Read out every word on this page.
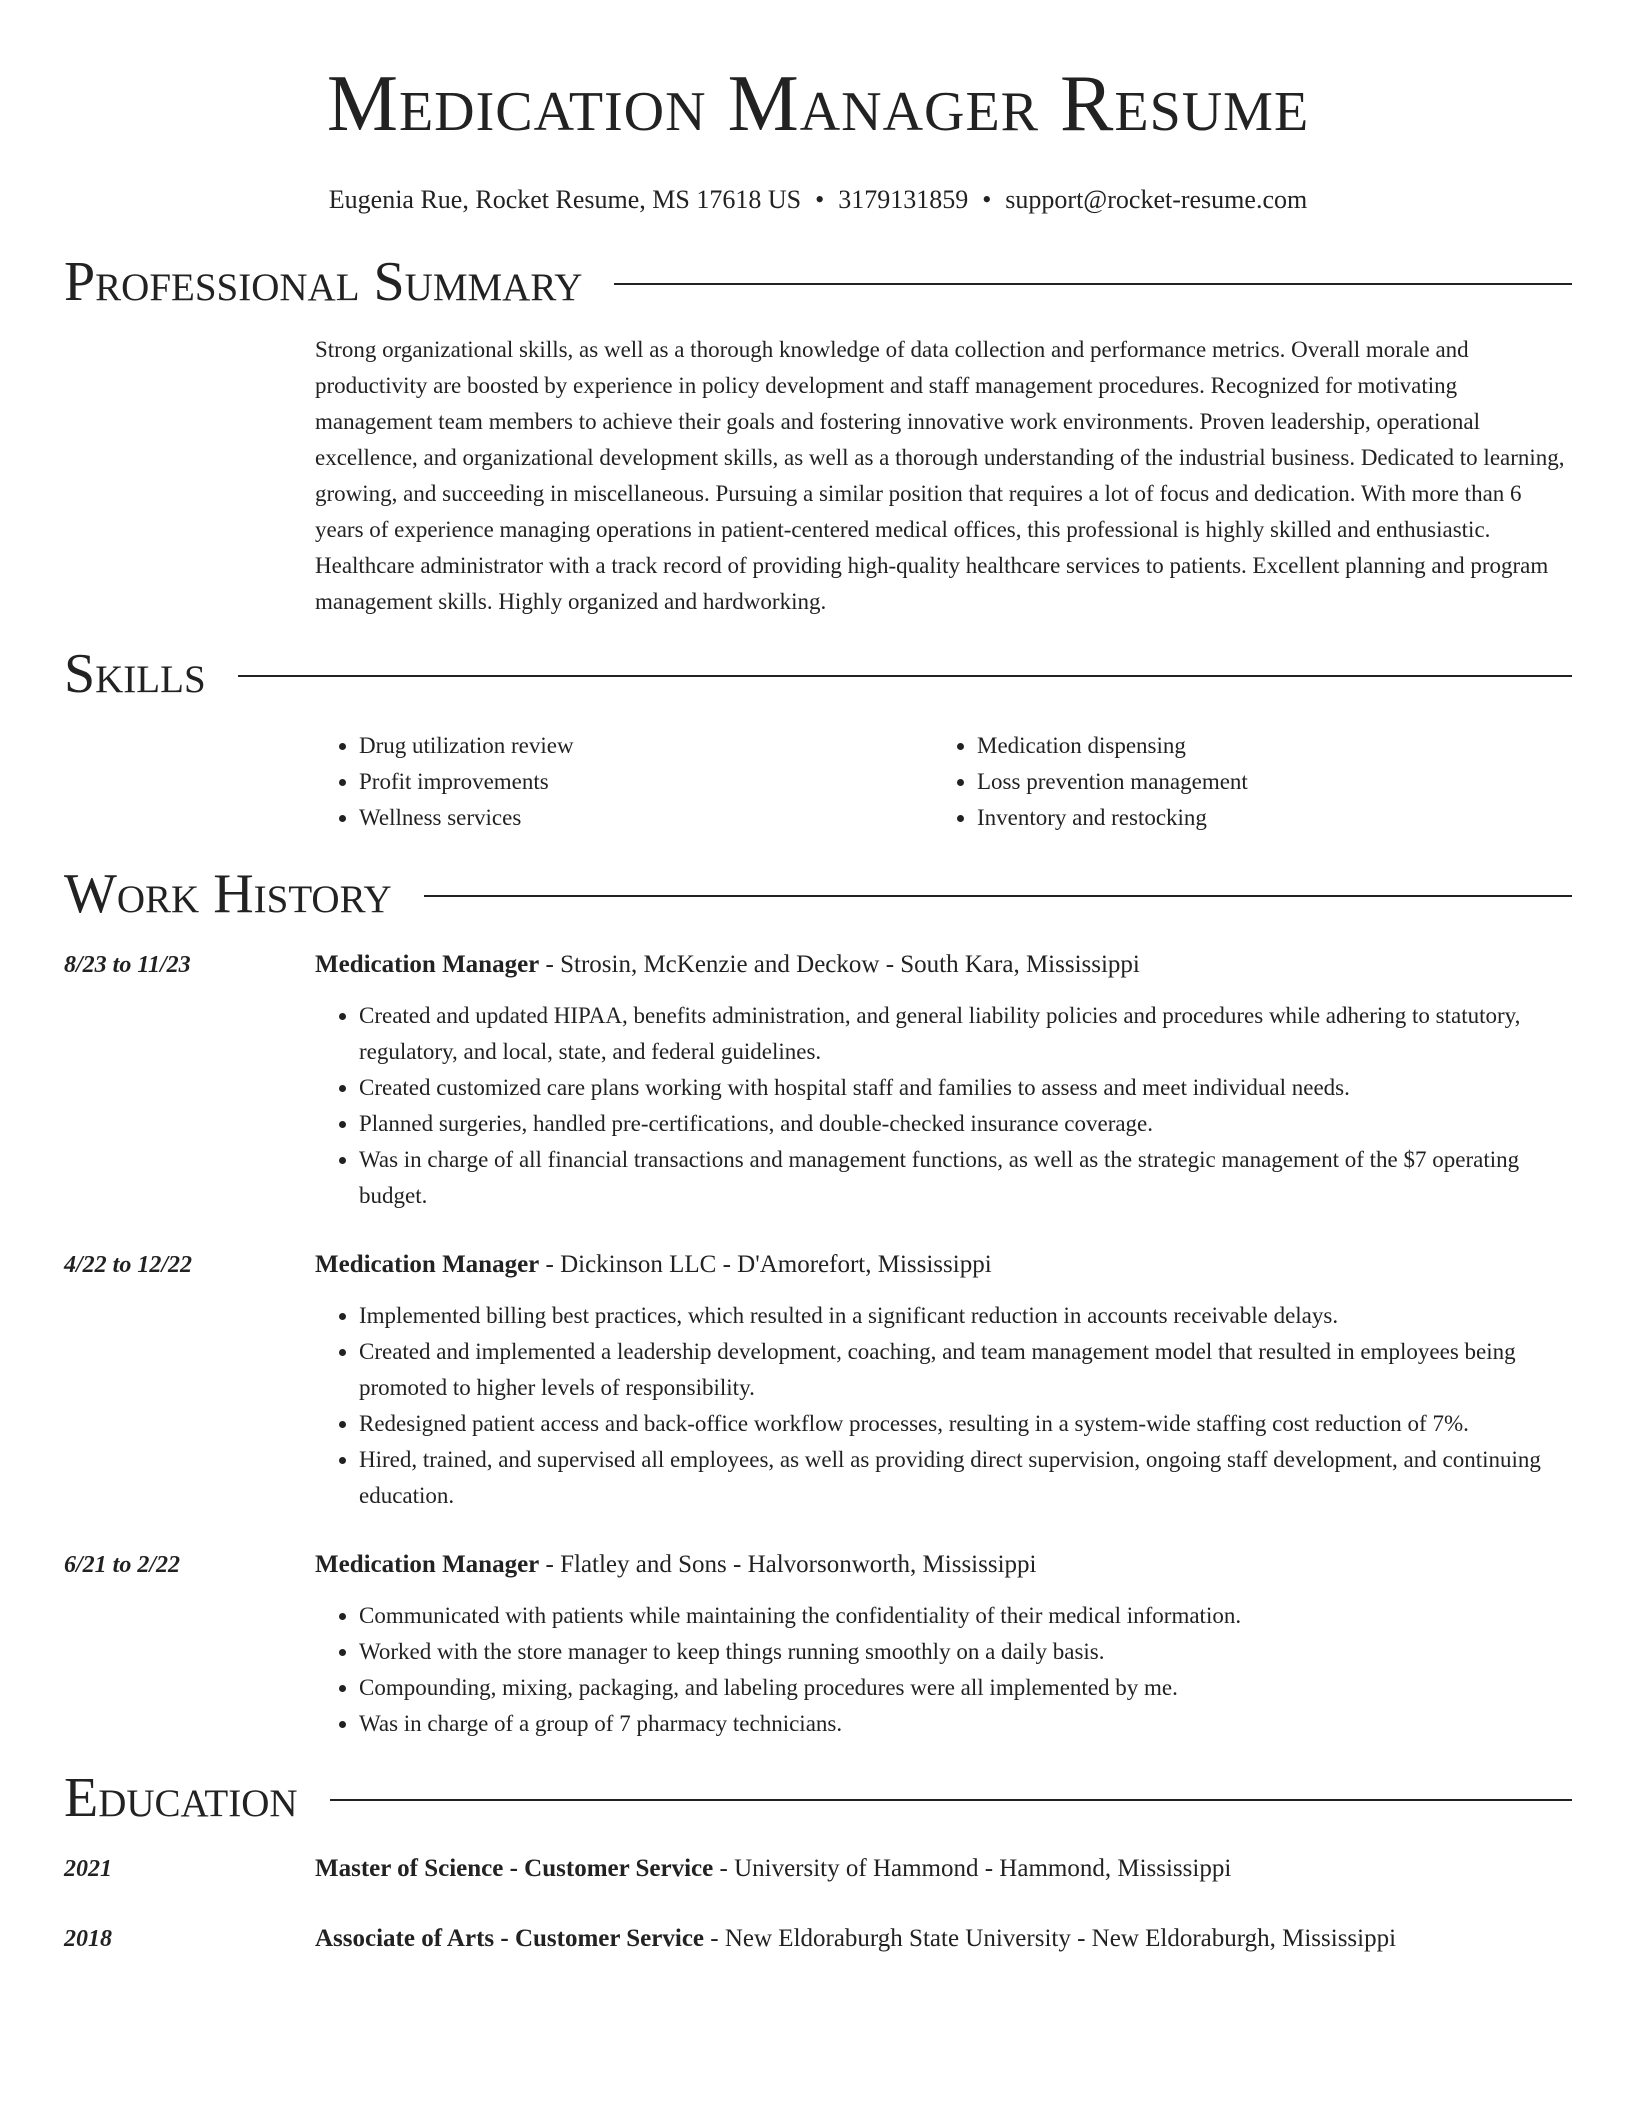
Medication Manager Resume
Eugenia Rue, Rocket Resume, MS 17618 US • 3179131859 • support@rocket-resume.com
Professional Summary
Strong organizational skills, as well as a thorough knowledge of data collection and performance metrics. Overall morale and productivity are boosted by experience in policy development and staff management procedures. Recognized for motivating management team members to achieve their goals and fostering innovative work environments. Proven leadership, operational excellence, and organizational development skills, as well as a thorough understanding of the industrial business. Dedicated to learning, growing, and succeeding in miscellaneous. Pursuing a similar position that requires a lot of focus and dedication. With more than 6 years of experience managing operations in patient-centered medical offices, this professional is highly skilled and enthusiastic. Healthcare administrator with a track record of providing high-quality healthcare services to patients. Excellent planning and program management skills. Highly organized and hardworking.
Skills
• Drug utilization review
• Profit improvements
• Wellness services
• Medication dispensing
• Loss prevention management
• Inventory and restocking
Work History
8/23 to 11/23	Medication Manager - Strosin, McKenzie and Deckow - South Kara, Mississippi
• Created and updated HIPAA, benefits administration, and general liability policies and procedures while adhering to statutory, regulatory, and local, state, and federal guidelines.
• Created customized care plans working with hospital staff and families to assess and meet individual needs.
• Planned surgeries, handled pre-certifications, and double-checked insurance coverage.
• Was in charge of all financial transactions and management functions, as well as the strategic management of the $7 operating budget.
4/22 to 12/22	Medication Manager - Dickinson LLC - D'Amorefort, Mississippi
• Implemented billing best practices, which resulted in a significant reduction in accounts receivable delays.
• Created and implemented a leadership development, coaching, and team management model that resulted in employees being promoted to higher levels of responsibility.
• Redesigned patient access and back-office workflow processes, resulting in a system-wide staffing cost reduction of 7%.
• Hired, trained, and supervised all employees, as well as providing direct supervision, ongoing staff development, and continuing education.
6/21 to 2/22	Medication Manager - Flatley and Sons - Halvorsonworth, Mississippi
• Communicated with patients while maintaining the confidentiality of their medical information.
• Worked with the store manager to keep things running smoothly on a daily basis.
• Compounding, mixing, packaging, and labeling procedures were all implemented by me.
• Was in charge of a group of 7 pharmacy technicians.
Education
2021	Master of Science - Customer Service - University of Hammond - Hammond, Mississippi
2018	Associate of Arts - Customer Service - New Eldoraburgh State University - New Eldoraburgh, Mississippi
